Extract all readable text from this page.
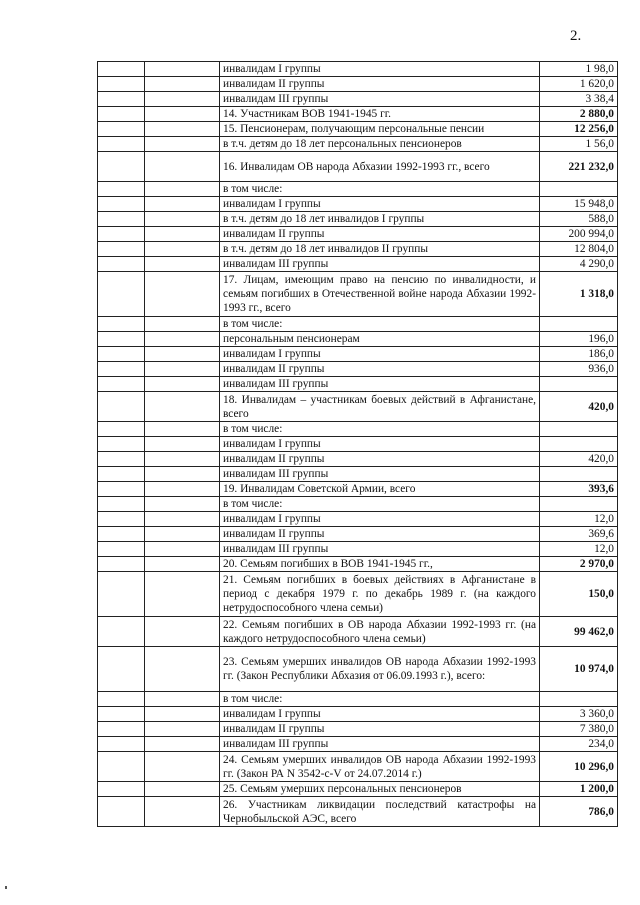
2.
		инвалидам I группы	1 98,0
		инвалидам II группы	1 620,0
		инвалидам III группы	3 38,4
		14. Участникам ВОВ 1941-1945 гг.	2 880,0
		15. Пенсионерам, получающим персональные пенсии	12 256,0
		в т.ч. детям до 18 лет персональных пенсионеров	1 56,0
		16. Инвалидам ОВ народа Абхазии 1992-1993 гг., всего	221 232,0
		в том числе:	
		инвалидам I группы	15 948,0
		в т.ч. детям до 18 лет инвалидов I группы	588,0
		инвалидам II группы	200 994,0
		в т.ч. детям до 18 лет инвалидов II группы	12 804,0
		инвалидам III группы	4 290,0
		17. Лицам, имеющим право на пенсию по инвалидности, и семьям погибших в Отечественной войне народа Абхазии 1992-1993 гг., всего	1 318,0
		в том числе:	
		персональным пенсионерам	196,0
		инвалидам I группы	186,0
		инвалидам II группы	936,0
		инвалидам III группы	
		18. Инвалидам – участникам боевых действий в Афганистане, всего	420,0
		в том числе:	
		инвалидам I группы	
		инвалидам II группы	420,0
		инвалидам III группы	
		19. Инвалидам Советской Армии, всего	393,6
		в том числе:	
		инвалидам I группы	12,0
		инвалидам II группы	369,6
		инвалидам III группы	12,0
		20. Семьям погибших в ВОВ 1941-1945 гг.,	2 970,0
		21. Семьям погибших в боевых действиях в Афганистане в период с декабря 1979 г. по декабрь 1989 г. (на каждого нетрудоспособного члена семьи)	150,0
		22. Семьям погибших в ОВ народа Абхазии 1992-1993 гг. (на каждого нетрудоспособного члена семьи)	99 462,0
		23. Семьям умерших инвалидов ОВ народа Абхазии 1992-1993 гг. (Закон Республики Абхазия от 06.09.1993 г.), всего:	10 974,0
		в том числе:	
		инвалидам I группы	3 360,0
		инвалидам II группы	7 380,0
		инвалидам III группы	234,0
		24. Семьям умерших инвалидов ОВ народа Абхазии 1992-1993 гг. (Закон РА N 3542-с-V от 24.07.2014 г.)	10 296,0
		25. Семьям умерших персональных пенсионеров	1 200,0
		26. Участникам ликвидации последствий катастрофы на Чернобыльской АЭС, всего	786,0
